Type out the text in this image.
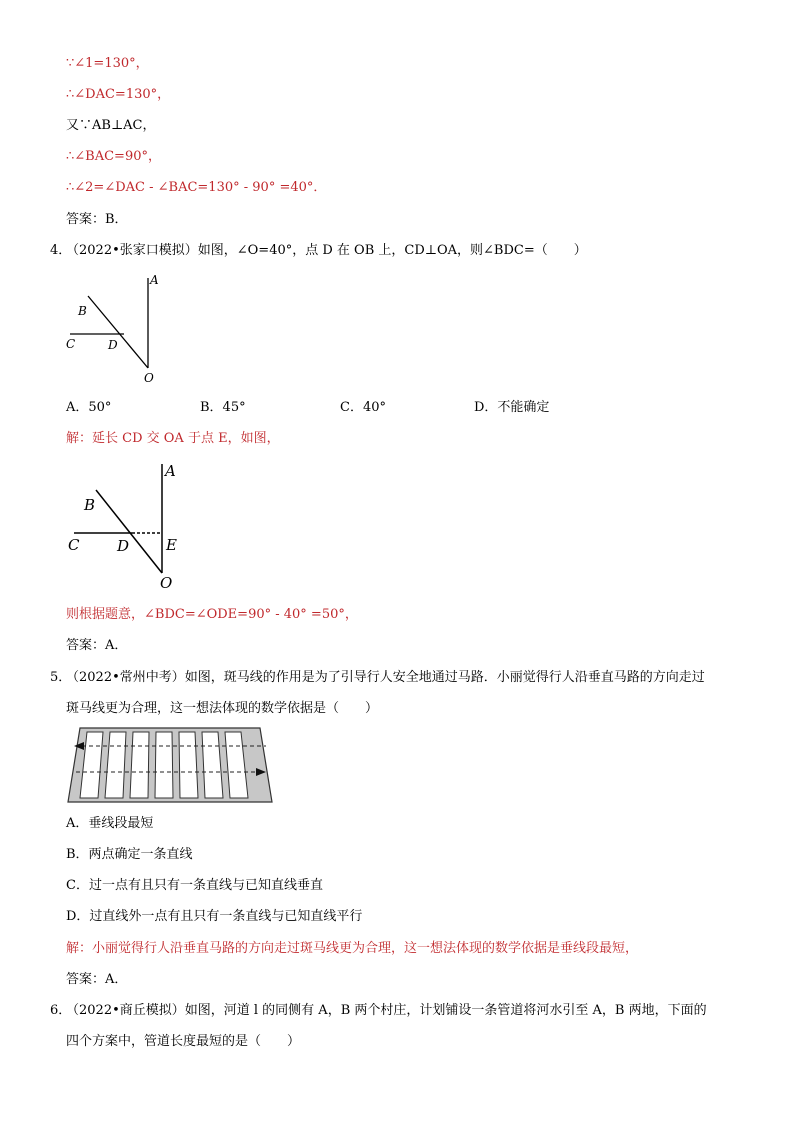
∵∠1=130°，
∴∠DAC=130°，
又∵AB⊥AC，
∴∠BAC=90°，
∴∠2=∠DAC - ∠BAC=130° - 90° =40°．
答案：B．
4．
（2022•张家口模拟）如图，∠O=40°，点 D 在 OB 上，CD⊥OA，则∠BDC=（　　）
A
B
C	D
O
A．50°	B．45°	C．40°	D．不能确定
解：延长 CD 交 OA 于点 E，如图，
A
B
C	D E
O
则根据题意，∠BDC=∠ODE=90° - 40° =50°，
答案：A．
5．
（2022•常州中考）如图，斑马线的作用是为了引导行人安全地通过马路．小丽觉得行人沿垂直马路的方向走过
斑马线更为合理，这一想法体现的数学依据是（　　）
A．垂线段最短
B．两点确定一条直线
C．过一点有且只有一条直线与已知直线垂直
D．过直线外一点有且只有一条直线与已知直线平行
解：小丽觉得行人沿垂直马路的方向走过斑马线更为合理，这一想法体现的数学依据是垂线段最短，
答案：A．
6．
（2022•商丘模拟）如图，河道 l 的同侧有 A，B 两个村庄，计划铺设一条管道将河水引至 A，B 两地，下面的
四个方案中，管道长度最短的是（　　）
